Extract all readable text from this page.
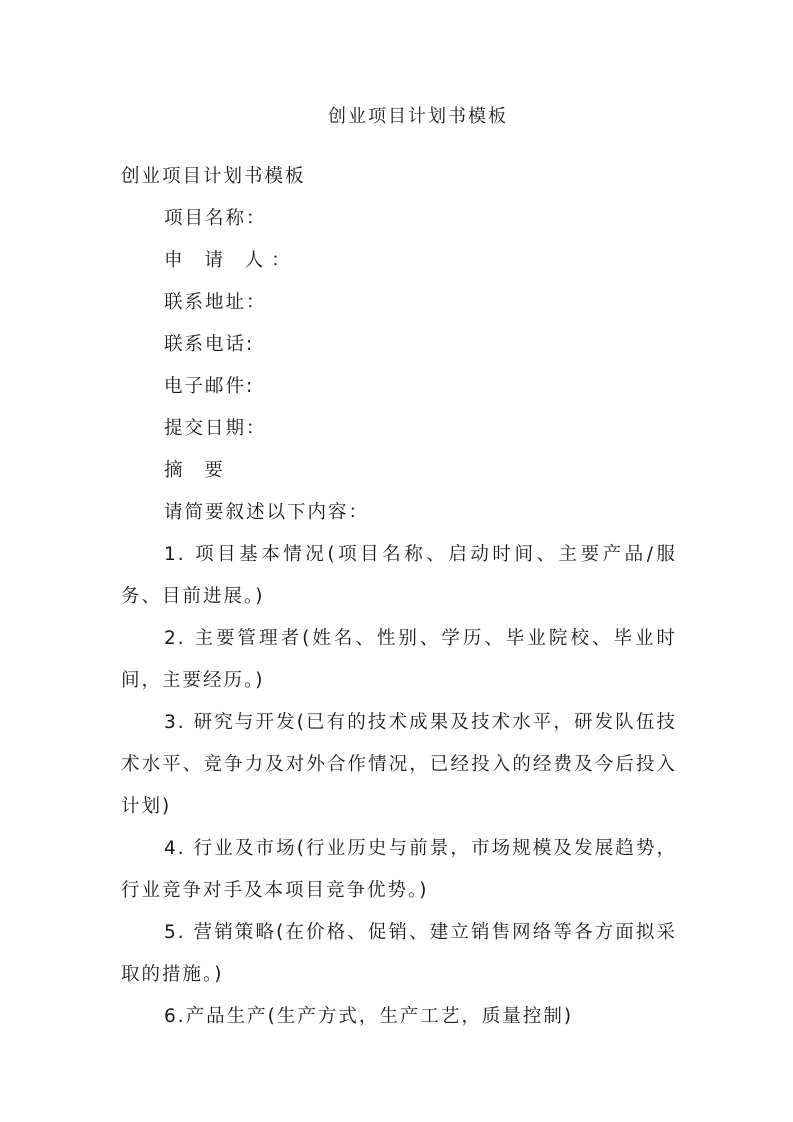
创业项目计划书模板

创业项目计划书模板

项目名称：

申 请 人：

联系地址：

联系电话:

电子邮件:

提交日期：

摘 要

请简要叙述以下内容：

1. 项目基本情况(项目名称、启动时间、主要产品/服务、目前进展。)

2. 主要管理者(姓名、性别、学历、毕业院校、毕业时间，主要经历。)

3. 研究与开发(已有的技术成果及技术水平，研发队伍技术水平、竞争力及对外合作情况，已经投入的经费及今后投入计划)

4. 行业及市场(行业历史与前景，市场规模及发展趋势，行业竞争对手及本项目竞争优势。)

5. 营销策略(在价格、促销、建立销售网络等各方面拟采取的措施。)

6.产品生产(生产方式，生产工艺，质量控制)
